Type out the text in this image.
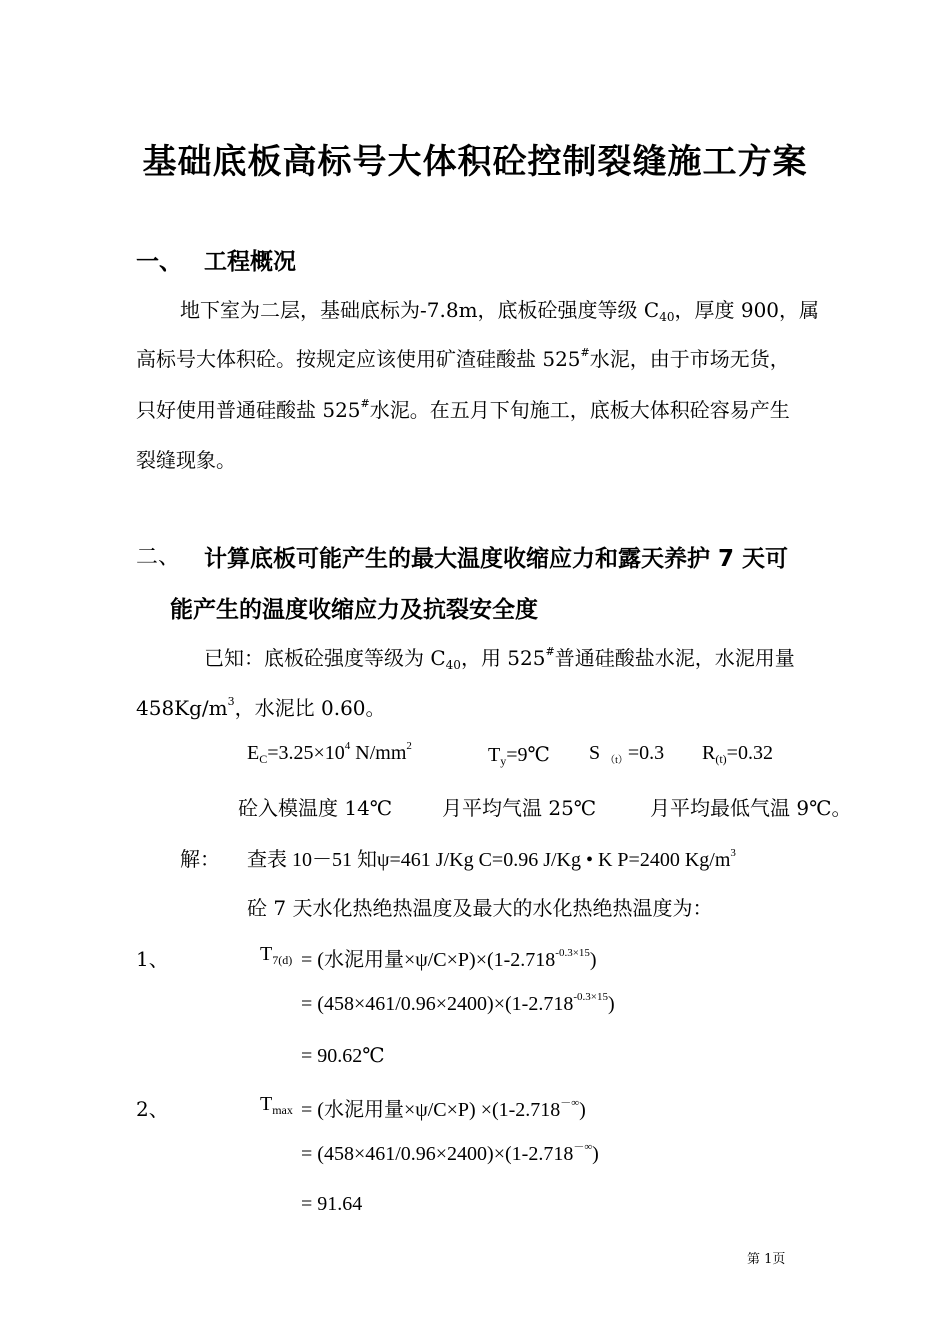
基础底板高标号大体积砼控制裂缝施工方案
一、 工程概况
地下室为二层，基础底标为-7.8m，底板砼强度等级 $C_{40}$，厚度 900，属
高标号大体积砼。按规定应该使用矿渣硅酸盐 525#水泥，由于市场无货，
只好使用普通硅酸盐 525#水泥。在五月下旬施工，底板大体积砼容易产生
裂缝现象。
二、 计算底板可能产生的最大温度收缩应力和露天养护 7 天可
能产生的温度收缩应力及抗裂安全度
已知：底板砼强度等级为 $C_{40}$，用 525#普通硅酸盐水泥，水泥用量
$458Kg/m^3$，水泥比 0.60。
$E_C=3.25\times 10^4$ $N/mm^2$	$T_y=9℃$ S $_{(t)}$=0.3 $R_{(t)}=0.32$
砼入模温度 14℃ 月平均气温 25℃	月平均最低气温 9℃。
解： 查表 10－51 知ψ=461 J/Kg C=0.96 J/Kg • K P=2400 $Kg/m^3$
砼 7 天水化热绝热温度及最大的水化热绝热温度为：
1、	$T_{7(d)}$ = (水泥用量$\times\psi/C\times P)\times(1-2.718^{-0.3\times 15})$
= $(458\times 461/0.96\times 2400)\times(1-2.718^{-0.3\times 15})$
= 90.62℃
2、	$T_{max}$ = (水泥用量×ψ/C×P) ×(1-2.718－∞)
= (458×461/0.96×2400)×(1-2.718－∞)
= 91.64
第 1页
